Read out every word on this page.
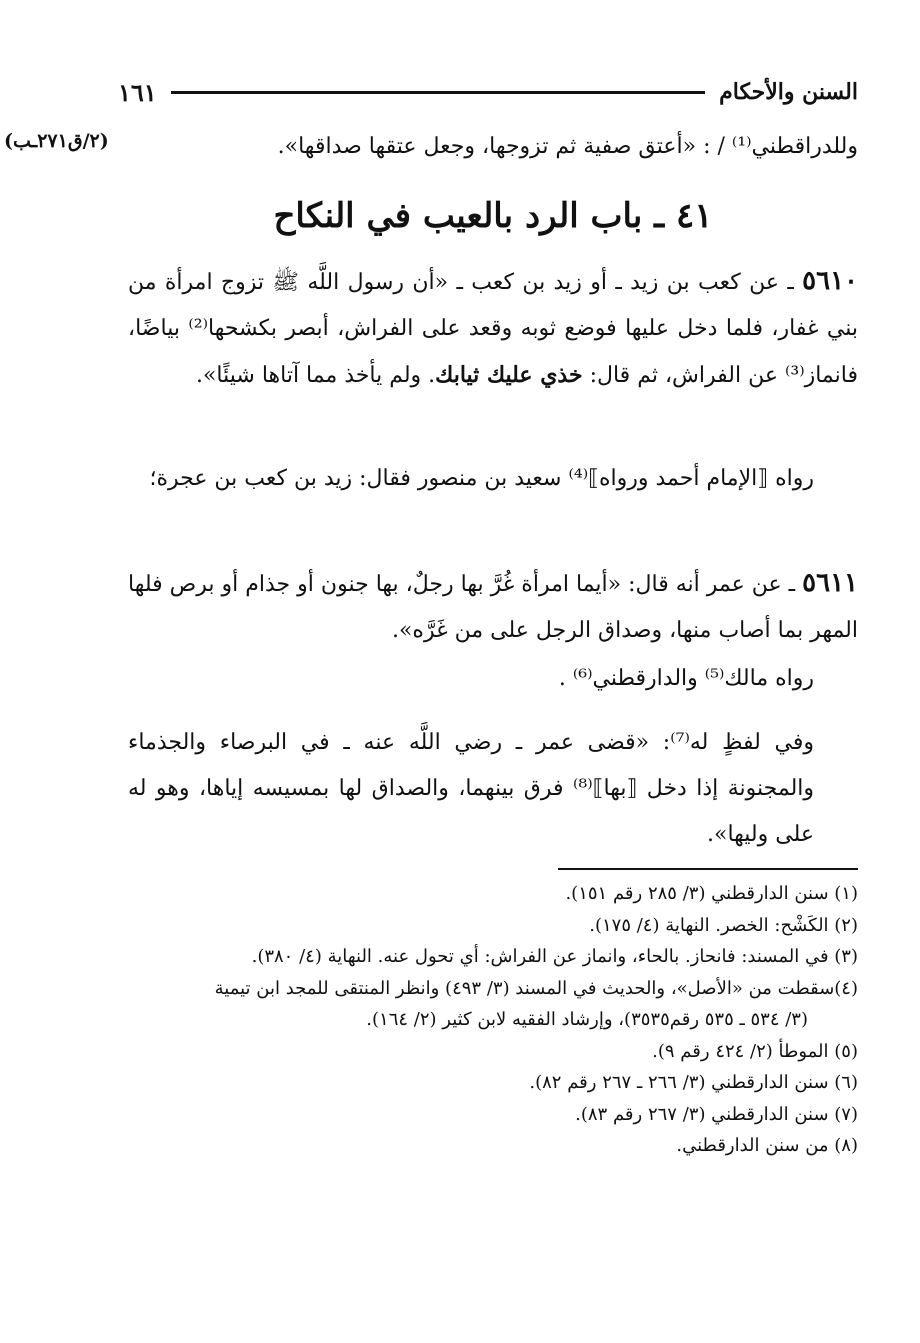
السنن والأحكام
١٦١
(٢/ق٢٧١ـب)	وللدراقطني⁽¹⁾ / : «أعتق صفية ثم تزوجها، وجعل عتقها صداقها».
٤١ ـ باب الرد بالعيب في النكاح
٥٦١٠ ـ عن كعب بن زيد ـ أو زيد بن كعب ـ «أن رسول اللَّه ﷺ تزوج امرأة من بني غفار، فلما دخل عليها فوضع ثوبه وقعد على الفراش، أبصر بكشحها⁽²⁾ بياضًا، فانماز⁽³⁾ عن الفراش، ثم قال: خذي عليك ثيابك. ولم يأخذ مما آتاها شيئًا».
رواه ⟦الإمام أحمد ورواه⟧⁽⁴⁾ سعيد بن منصور فقال: زيد بن كعب بن عجرة؛
٥٦١١ ـ عن عمر أنه قال: «أيما امرأة غُرَّ بها رجلٌ، بها جنون أو جذام أو برص فلها المهر بما أصاب منها، وصداق الرجل على من غَرَّه».
رواه مالك⁽⁵⁾ والدارقطني⁽⁶⁾ .
وفي لفظٍ له⁽⁷⁾: «قضى عمر ـ رضي اللَّه عنه ـ في البرصاء والجذماء والمجنونة إذا دخل ⟦بها⟧⁽⁸⁾ فرق بينهما، والصداق لها بمسيسه إياها، وهو له على وليها».
(١) سنن الدارقطني (٣/ ٢٨٥ رقم ١٥١).
(٢) الكَشْح: الخصر. النهاية (٤/ ١٧٥).
(٣) في المسند: فانحاز. بالحاء، وانماز عن الفراش: أي تحول عنه. النهاية (٤/ ٣٨٠).
(٤)سقطت من «الأصل»، والحديث في المسند (٣/ ٤٩٣) وانظر المنتقى للمجد ابن تيمية
(٣/ ٥٣٤ ـ ٥٣٥ رقم٣٥٣٥)، وإرشاد الفقيه لابن كثير (٢/ ١٦٤).
(٥) الموطأ (٢/ ٤٢٤ رقم ٩).
(٦) سنن الدارقطني (٣/ ٢٦٦ ـ ٢٦٧ رقم ٨٢).
(٧) سنن الدارقطني (٣/ ٢٦٧ رقم ٨٣).
(٨) من سنن الدارقطني.
